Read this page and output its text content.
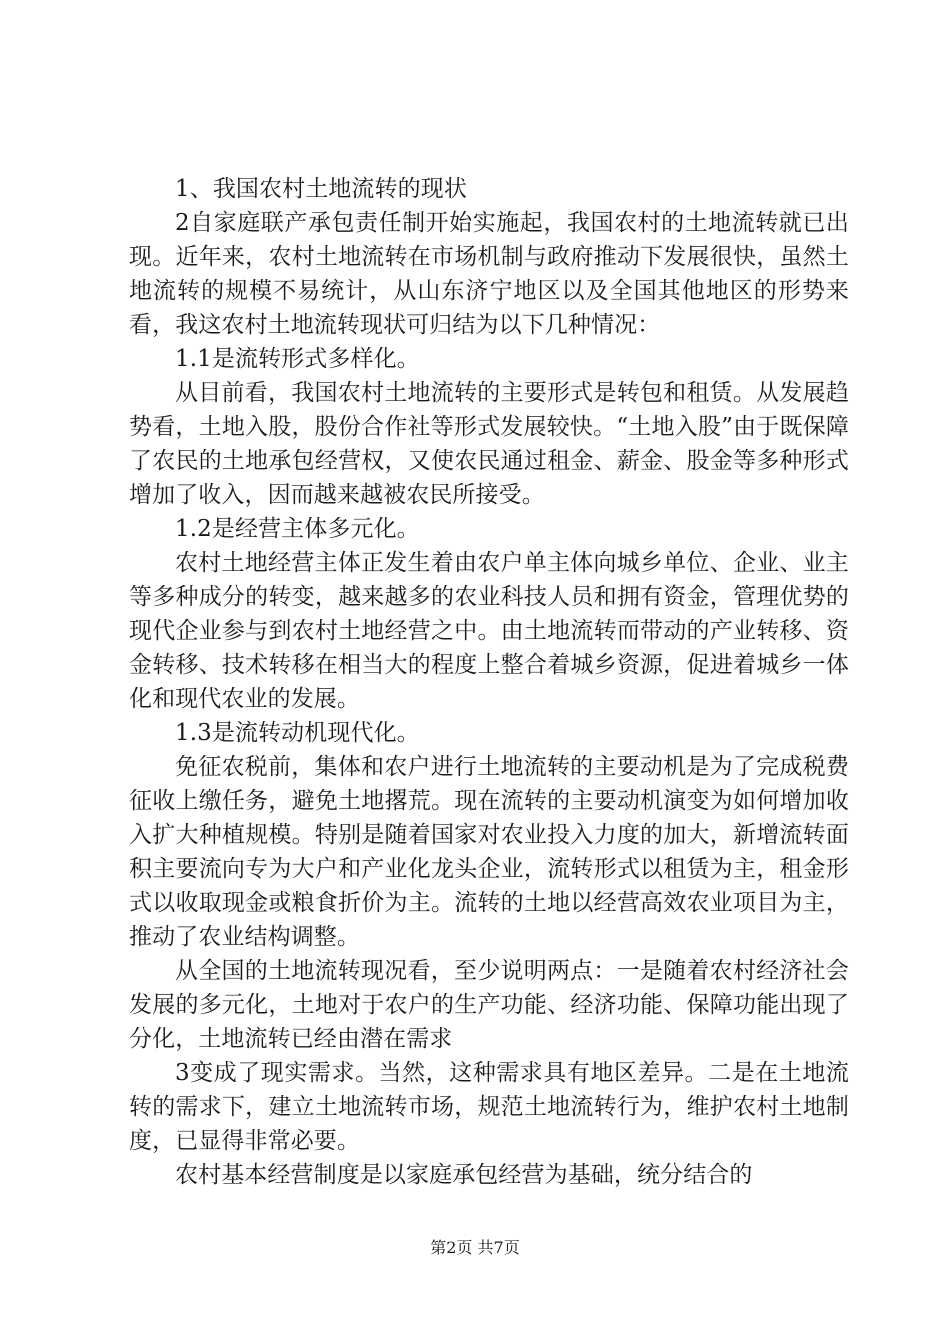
1、我国农村土地流转的现状

2自家庭联产承包责任制开始实施起，我国农村的土地流转就已出现。近年来，农村土地流转在市场机制与政府推动下发展很快，虽然土地流转的规模不易统计，从山东济宁地区以及全国其他地区的形势来看，我这农村土地流转现状可归结为以下几种情况：

1.1是流转形式多样化。

从目前看，我国农村土地流转的主要形式是转包和租赁。从发展趋势看，土地入股，股份合作社等形式发展较快。“土地入股”由于既保障了农民的土地承包经营权，又使农民通过租金、薪金、股金等多种形式增加了收入，因而越来越被农民所接受。

1.2是经营主体多元化。

农村土地经营主体正发生着由农户单主体向城乡单位、企业、业主等多种成分的转变，越来越多的农业科技人员和拥有资金，管理优势的现代企业参与到农村土地经营之中。由土地流转而带动的产业转移、资金转移、技术转移在相当大的程度上整合着城乡资源，促进着城乡一体化和现代农业的发展。

1.3是流转动机现代化。

免征农税前，集体和农户进行土地流转的主要动机是为了完成税费征收上缴任务，避免土地撂荒。现在流转的主要动机演变为如何增加收入扩大种植规模。特别是随着国家对农业投入力度的加大，新增流转面积主要流向专为大户和产业化龙头企业，流转形式以租赁为主，租金形式以收取现金或粮食折价为主。流转的土地以经营高效农业项目为主，推动了农业结构调整。

从全国的土地流转现况看，至少说明两点：一是随着农村经济社会发展的多元化，土地对于农户的生产功能、经济功能、保障功能出现了分化，土地流转已经由潜在需求

3变成了现实需求。当然，这种需求具有地区差异。二是在土地流转的需求下，建立土地流转市场，规范土地流转行为，维护农村土地制度，已显得非常必要。

农村基本经营制度是以家庭承包经营为基础，统分结合的

第2页 共7页
